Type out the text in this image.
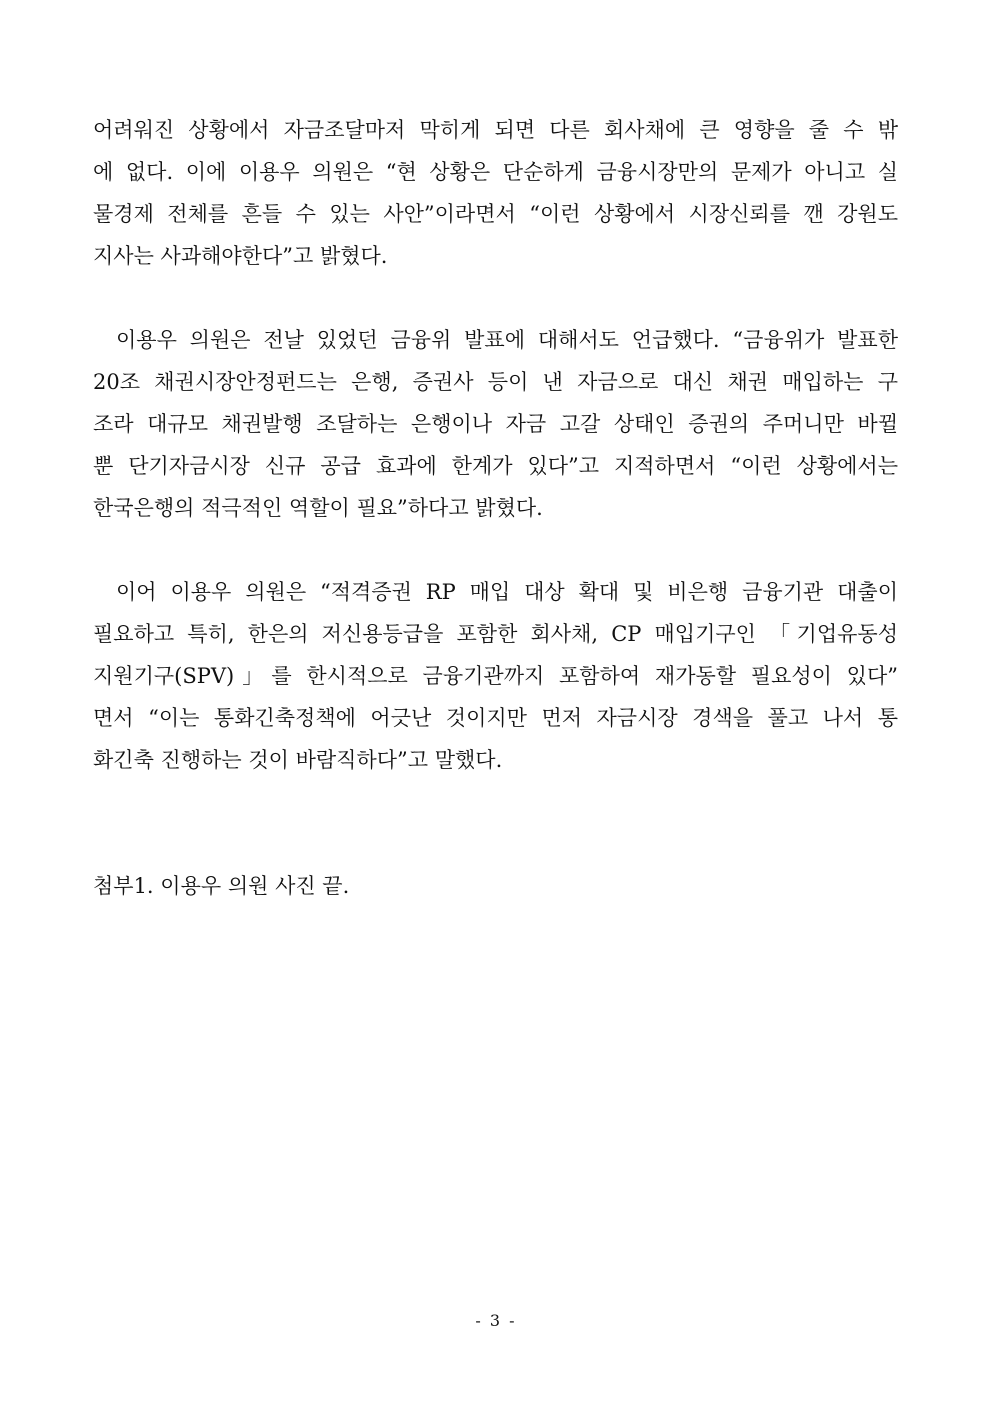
어려워진 상황에서 자금조달마저 막히게 되면 다른 회사채에 큰 영향을 줄 수 밖
에 없다. 이에 이용우 의원은 “현 상황은 단순하게 금융시장만의 문제가 아니고 실
물경제 전체를 흔들 수 있는 사안”이라면서 “이런 상황에서 시장신뢰를 깬 강원도
지사는 사과해야한다”고 밝혔다.
이용우 의원은 전날 있었던 금융위 발표에 대해서도 언급했다. “금융위가 발표한
20조 채권시장안정펀드는 은행, 증권사 등이 낸 자금으로 대신 채권 매입하는 구
조라 대규모 채권발행 조달하는 은행이나 자금 고갈 상태인 증권의 주머니만 바뀔
뿐 단기자금시장 신규 공급 효과에 한계가 있다”고 지적하면서 “이런 상황에서는
한국은행의 적극적인 역할이 필요”하다고 밝혔다.
이어 이용우 의원은 “적격증권 RP 매입 대상 확대 및 비은행 금융기관 대출이
필요하고 특히, 한은의 저신용등급을 포함한 회사채, CP 매입기구인 「기업유동성
지원기구(SPV)」를 한시적으로 금융기관까지 포함하여 재가동할 필요성이 있다”
면서 “이는 통화긴축정책에 어긋난 것이지만 먼저 자금시장 경색을 풀고 나서 통
화긴축 진행하는 것이 바람직하다”고 말했다.
첨부1. 이용우 의원 사진 끝.
- 3 -
